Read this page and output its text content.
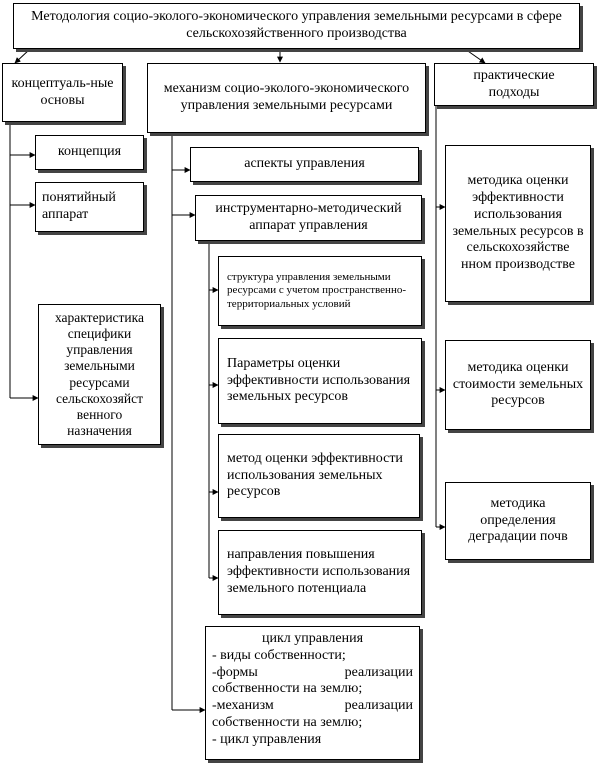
Методология социо-эколого-экономического управления земельными ресурсами в сфере сельскохозяйственного производства
концептуаль-ные основы
механизм социо-эколого-экономического управления земельными ресурсами
практические подходы
концепция
понятийный аппарат
характеристика специфики управления земельными ресурсами сельскохозяйст венного назначения
аспекты управления
инструментарно-методический аппарат управления
структура управления земельными ресурсами с учетом пространственно-территориальных условий
Параметры оценки эффективности использования земельных ресурсов
метод оценки эффективности использования земельных ресурсов
направления повышения эффективности использования земельного потенциала
цикл управления
- виды собственности;
-формы реализации
собственности на землю;
-механизм реализации
собственности на землю;
- цикл управления
методика оценки эффективности использования земельных ресурсов в сельскохозяйстве нном производстве
методика оценки стоимости земельных ресурсов
методика определения деградации почв
